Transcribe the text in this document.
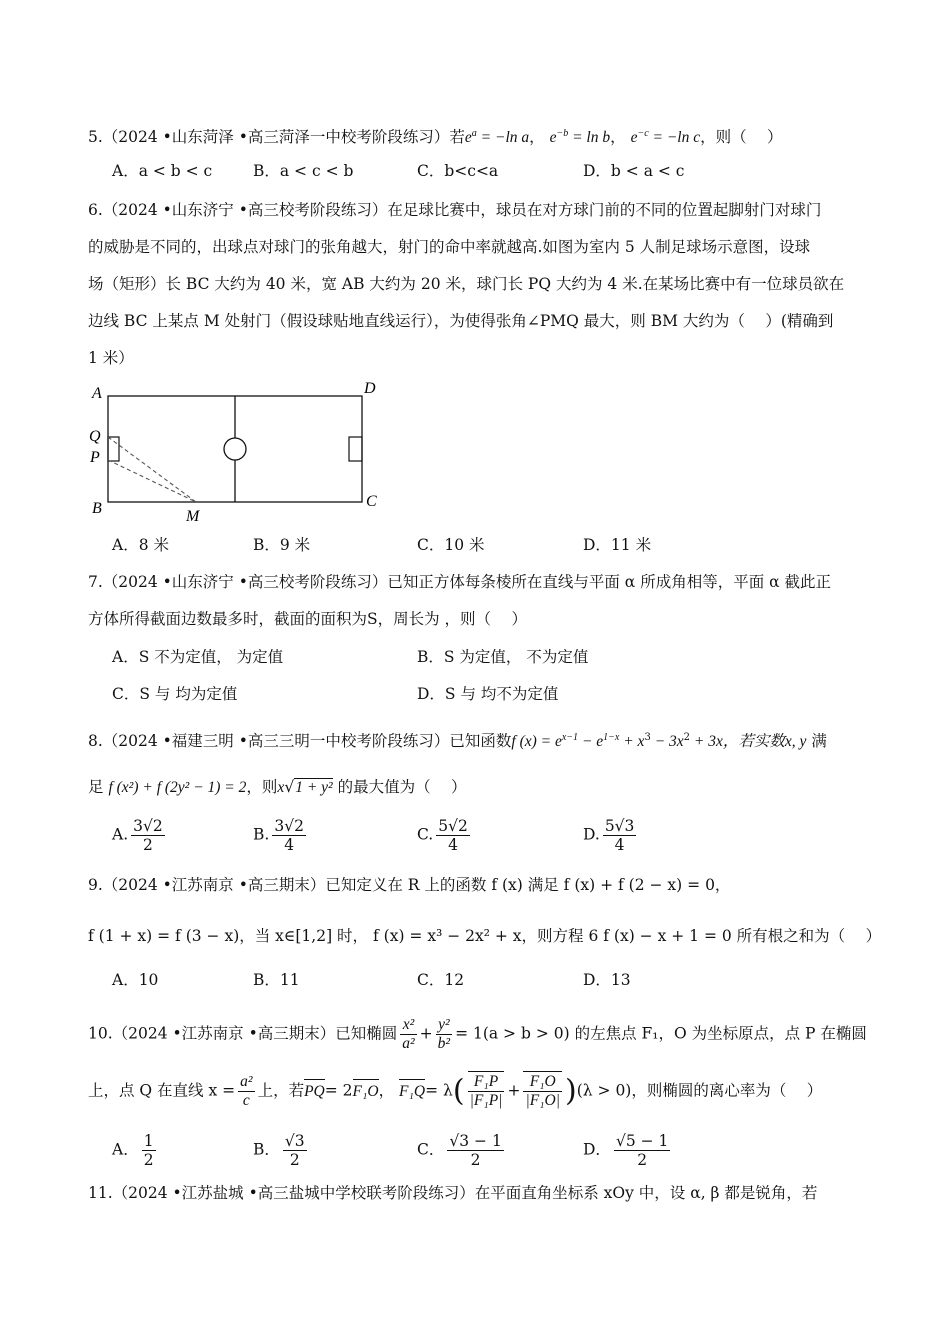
5.（2024 •山东菏泽 •高三菏泽一中校考阶段练习）若$e^a = -\ln$ a， $e^{-b} = \ln b$， $e^{-c} = -\ln$ c，则（　 ）
A．a < b < c	B．a < c < b	C．b<c<a	D．b < a < c
6.（2024 •山东济宁 •高三校考阶段练习）在足球比赛中，球员在对方球门前的不同的位置起脚射门对球门
的威胁是不同的，出球点对球门的张角越大，射门的命中率就越高.如图为室内 5 人制足球场示意图，设球
场（矩形）长 BC 大约为 40 米，宽 AB 大约为 20 米，球门长 PQ 大约为 4 米.在某场比赛中有一位球员欲在
边线 BC 上某点 M 处射门（假设球贴地直线运行），为使得张角∠PMQ 最大，则 BM 大约为（　 ）(精确到
1 米）
A	D
Q
P
B	C
M
A．8 米	B．9 米	C．10 米	D．11 米
7.（2024 •山东济宁 •高三校考阶段练习）已知正方体每条棱所在直线与平面 α 所成角相等，平面 α 截此正
方体所得截面边数最多时，截面的面积为S，周长为 ，则（　 ）
A．S 不为定值， 为定值	B．S 为定值， 不为定值
C．S 与 均为定值	D．S 与 均不为定值
8.（2024 •福建三明 •高三三明一中校考阶段练习）已知函数f $(x) = e^{x-1} - e^{1-x} + x^3 - 3x^2 + 3x$，若实数x, y 满
足 f (x²) + f (2y² − 1) = 2，则x√1 + y² 的最大值为（　 ）
A. $\frac{3√2}{2}$	B. $\frac{3√2}{4}$	C. $\frac{5√2}{4}$	D. $\frac{5√3}{4}$
9.（2024 •江苏南京 •高三期末）已知定义在 R 上的函数 f (x) 满足 f (x) + f (2 − x) = 0，
f (1 + x) = f (3 − x)，当 x∈[1,2] 时， f (x) = x³ − 2x² + x，则方程 6 f (x) − x + 1 = 0 所有根之和为（　 ）
A．10	B．11	C．12	D．13
10.（2024 •江苏南京 •高三期末）已知椭圆 $\frac{\text{x²}}{\text{a²}} + \frac{\text{y²}}{\text{b²}} = 1(a > b > 0)$ 的左焦点 F₁，O 为坐标原点，点 P 在椭圆
上，点 Q 在直线 $x = \frac{\text{a²}}{c}$ 上，若PQ= 2F₁O， $F_1Q= \lambda( \frac{\text{F₁P}}{\text{|F₁P|}} + \frac{\text{F₁O}}{\text{|F₁O|}} )(\lambda > 0)$，则椭圆的离心率为（　 ）
A． $\frac{1}{2}$	B． $\frac{√3}{2}$	C． $\frac{√3 - 1}{2}$	D． $\frac{√5 - 1}{2}$
11.（2024 •江苏盐城 •高三盐城中学校联考阶段练习）在平面直角坐标系 xOy 中，设 α, β 都是锐角，若
